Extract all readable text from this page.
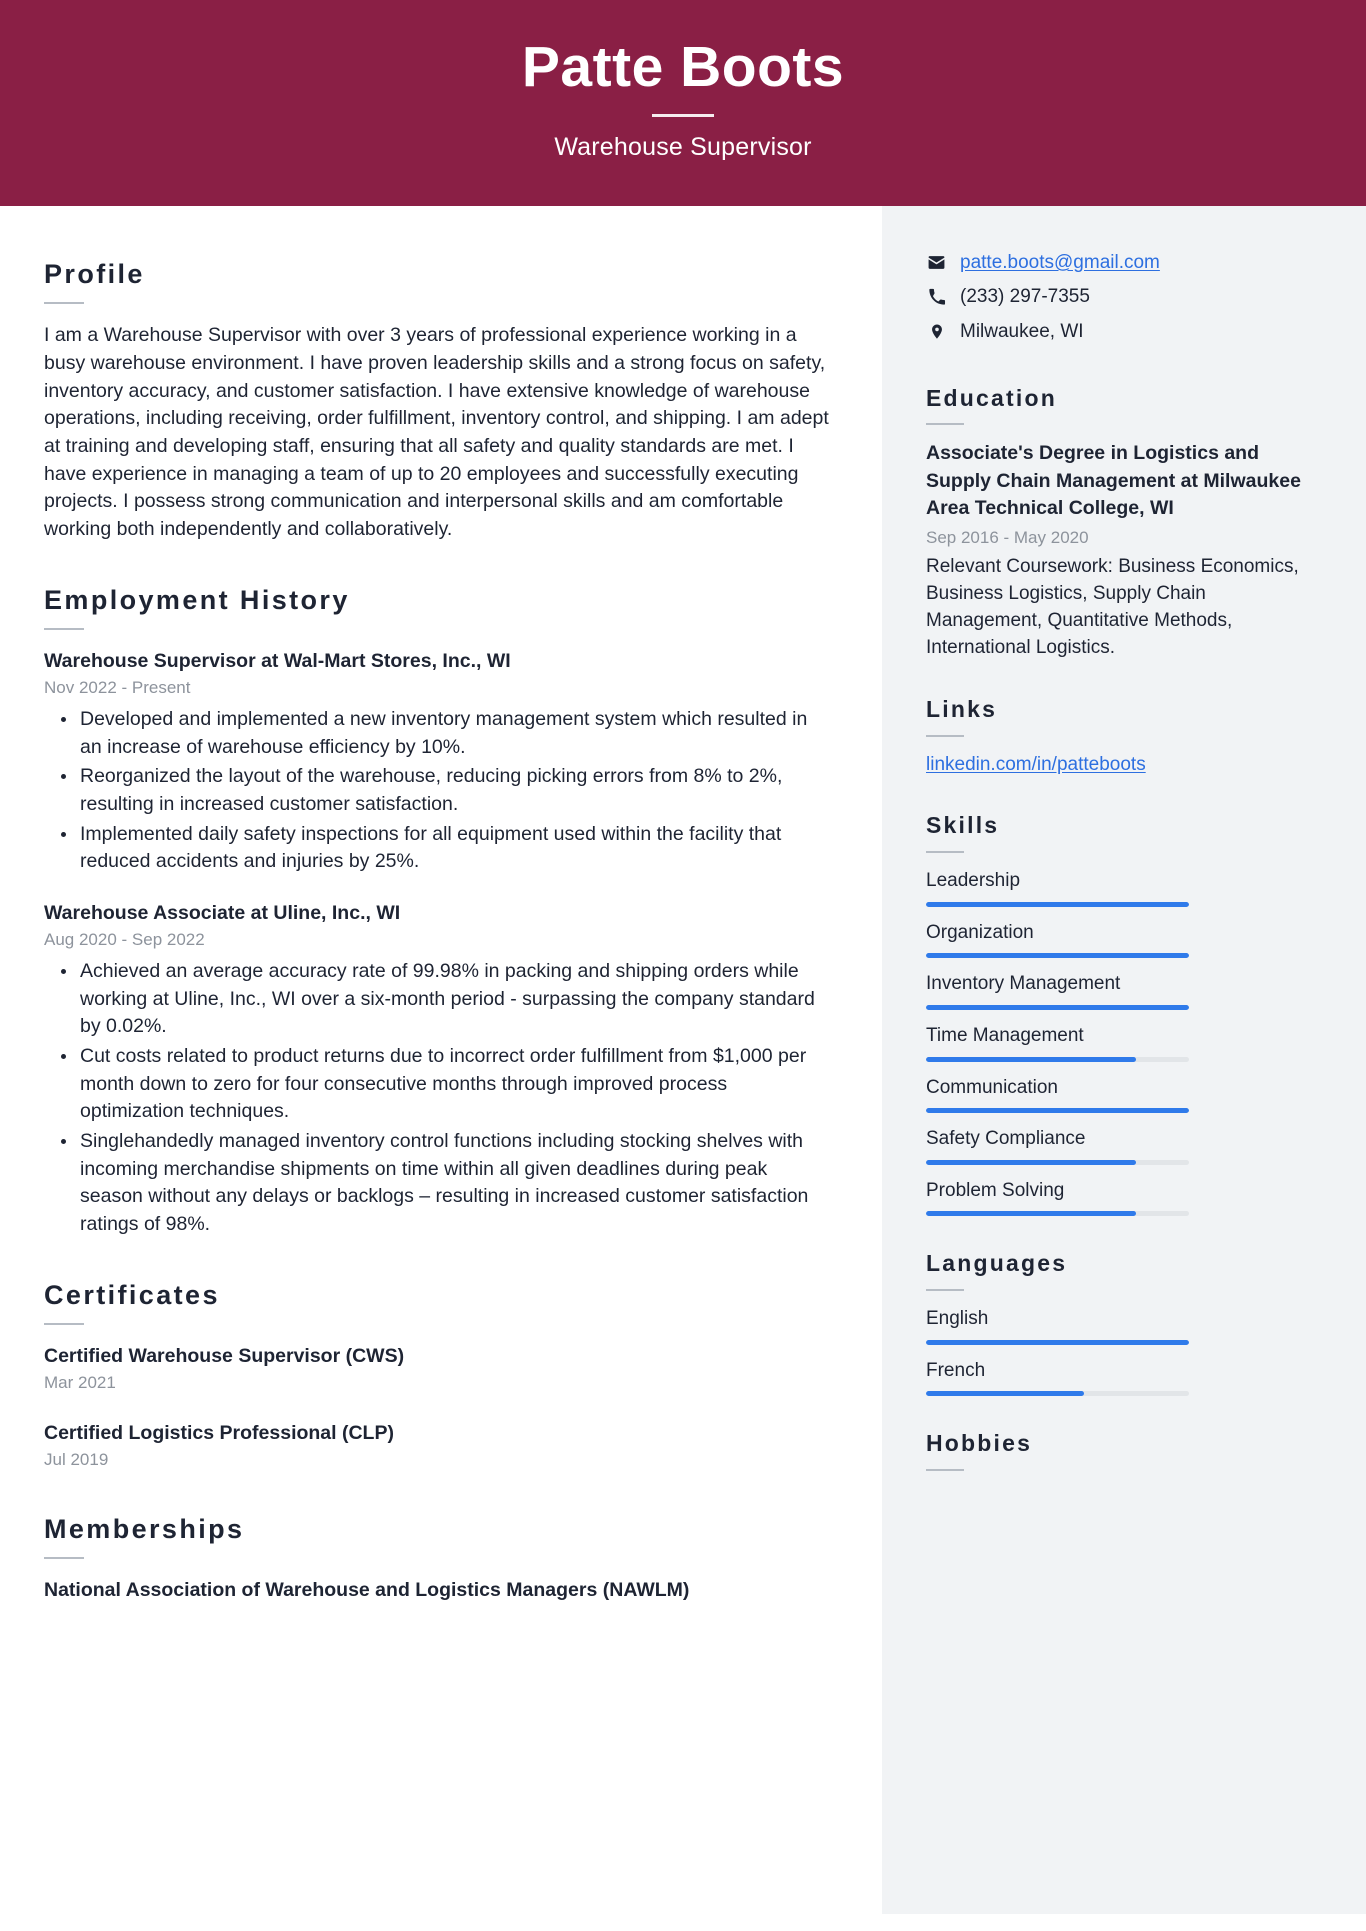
Patte Boots
Warehouse Supervisor
Profile
I am a Warehouse Supervisor with over 3 years of professional experience working in a busy warehouse environment. I have proven leadership skills and a strong focus on safety, inventory accuracy, and customer satisfaction. I have extensive knowledge of warehouse operations, including receiving, order fulfillment, inventory control, and shipping. I am adept at training and developing staff, ensuring that all safety and quality standards are met. I have experience in managing a team of up to 20 employees and successfully executing projects. I possess strong communication and interpersonal skills and am comfortable working both independently and collaboratively.
Employment History
Warehouse Supervisor at Wal-Mart Stores, Inc., WI
Nov 2022 - Present
Developed and implemented a new inventory management system which resulted in an increase of warehouse efficiency by 10%.
Reorganized the layout of the warehouse, reducing picking errors from 8% to 2%, resulting in increased customer satisfaction.
Implemented daily safety inspections for all equipment used within the facility that reduced accidents and injuries by 25%.
Warehouse Associate at Uline, Inc., WI
Aug 2020 - Sep 2022
Achieved an average accuracy rate of 99.98% in packing and shipping orders while working at Uline, Inc., WI over a six-month period - surpassing the company standard by 0.02%.
Cut costs related to product returns due to incorrect order fulfillment from $1,000 per month down to zero for four consecutive months through improved process optimization techniques.
Singlehandedly managed inventory control functions including stocking shelves with incoming merchandise shipments on time within all given deadlines during peak season without any delays or backlogs – resulting in increased customer satisfaction ratings of 98%.
Certificates
Certified Warehouse Supervisor (CWS)
Mar 2021
Certified Logistics Professional (CLP)
Jul 2019
Memberships
National Association of Warehouse and Logistics Managers (NAWLM)
patte.boots@gmail.com
(233) 297-7355
Milwaukee, WI
Education
Associate's Degree in Logistics and Supply Chain Management at Milwaukee Area Technical College, WI
Sep 2016 - May 2020
Relevant Coursework: Business Economics, Business Logistics, Supply Chain Management, Quantitative Methods, International Logistics.
Links
linkedin.com/in/patteboots
Skills
Leadership
Organization
Inventory Management
Time Management
Communication
Safety Compliance
Problem Solving
Languages
English
French
Hobbies
